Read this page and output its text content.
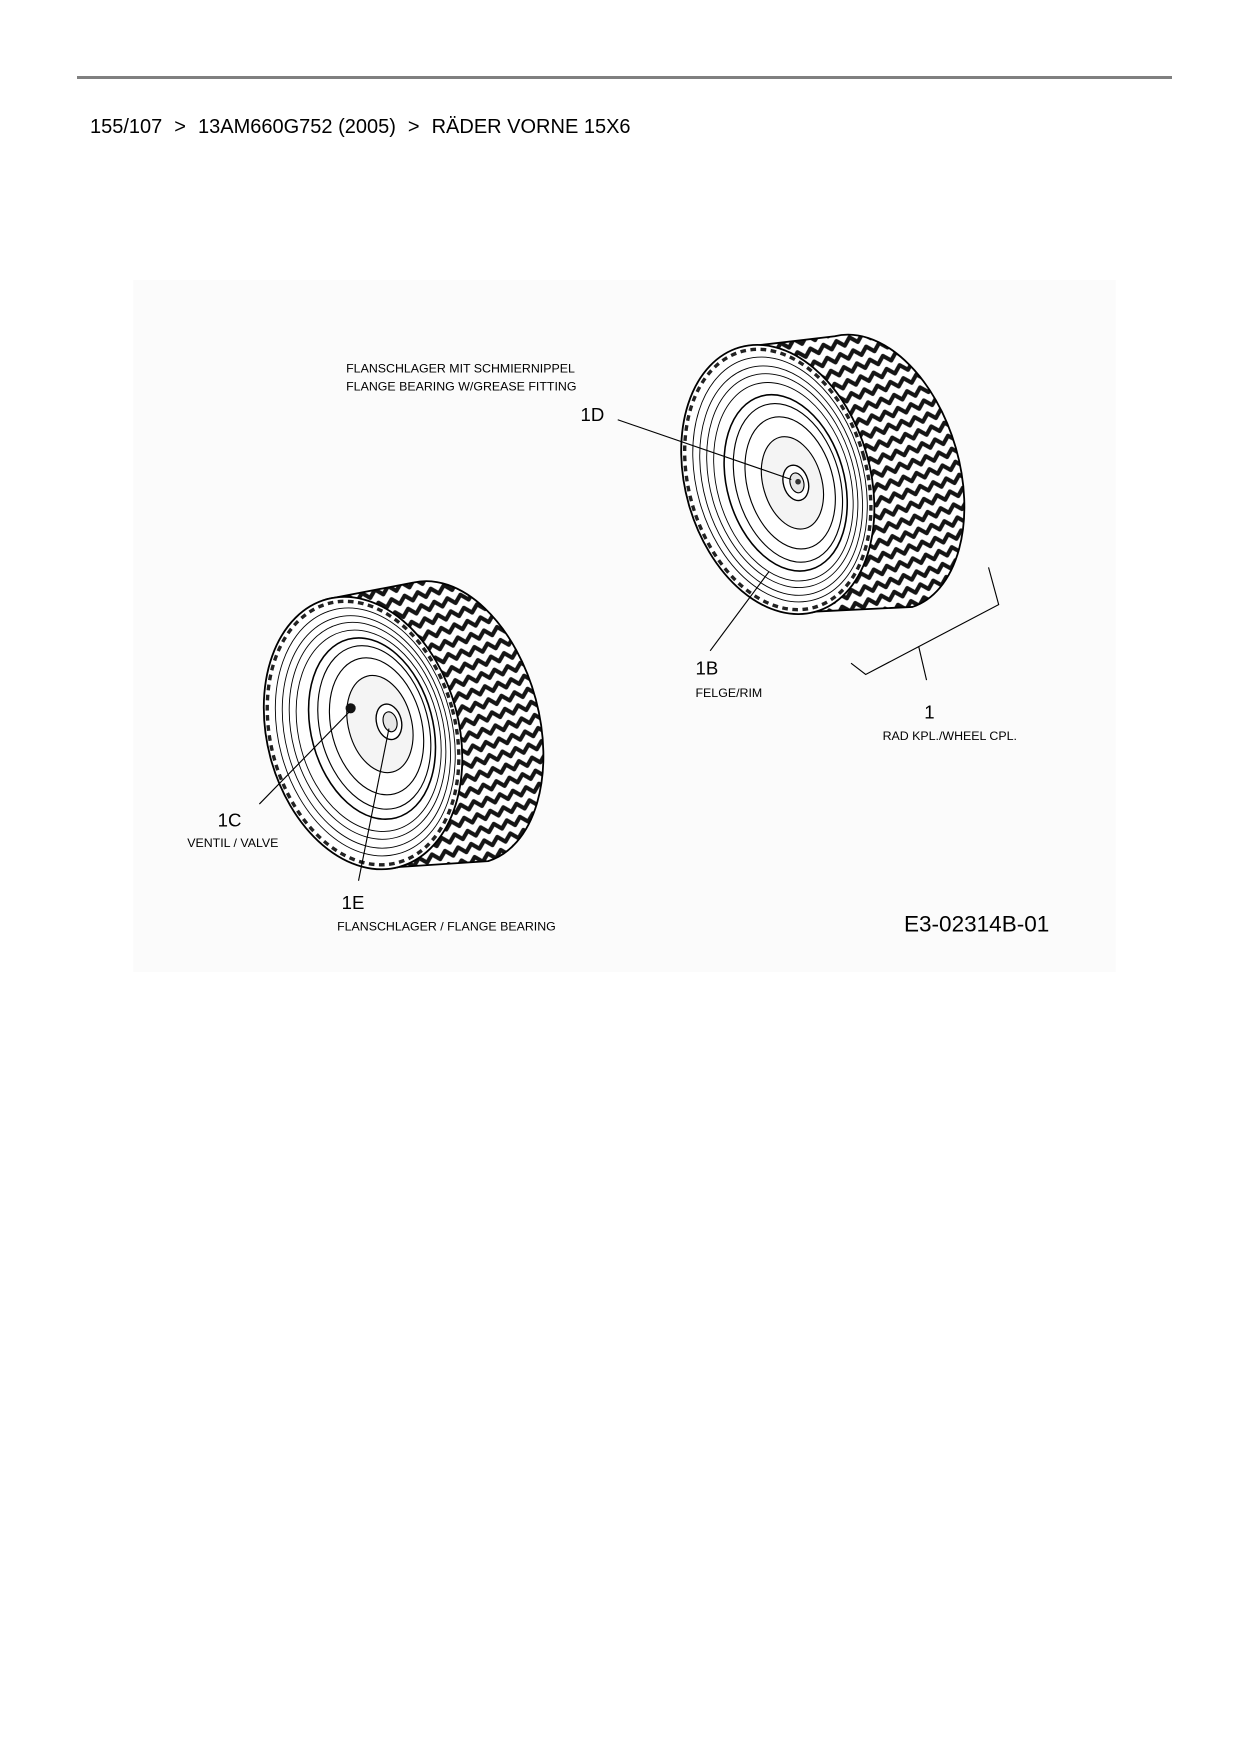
155/107 > 13AM660G752 (2005) > RÄDER VORNE 15X6
FLANSCHLAGER MIT SCHMIERNIPPEL
FLANGE BEARING W/GREASE FITTING
1D
1B
FELGE/RIM
1
RAD KPL./WHEEL CPL.
1C
VENTIL / VALVE
1E
FLANSCHLAGER / FLANGE BEARING	E3-02314B-01
